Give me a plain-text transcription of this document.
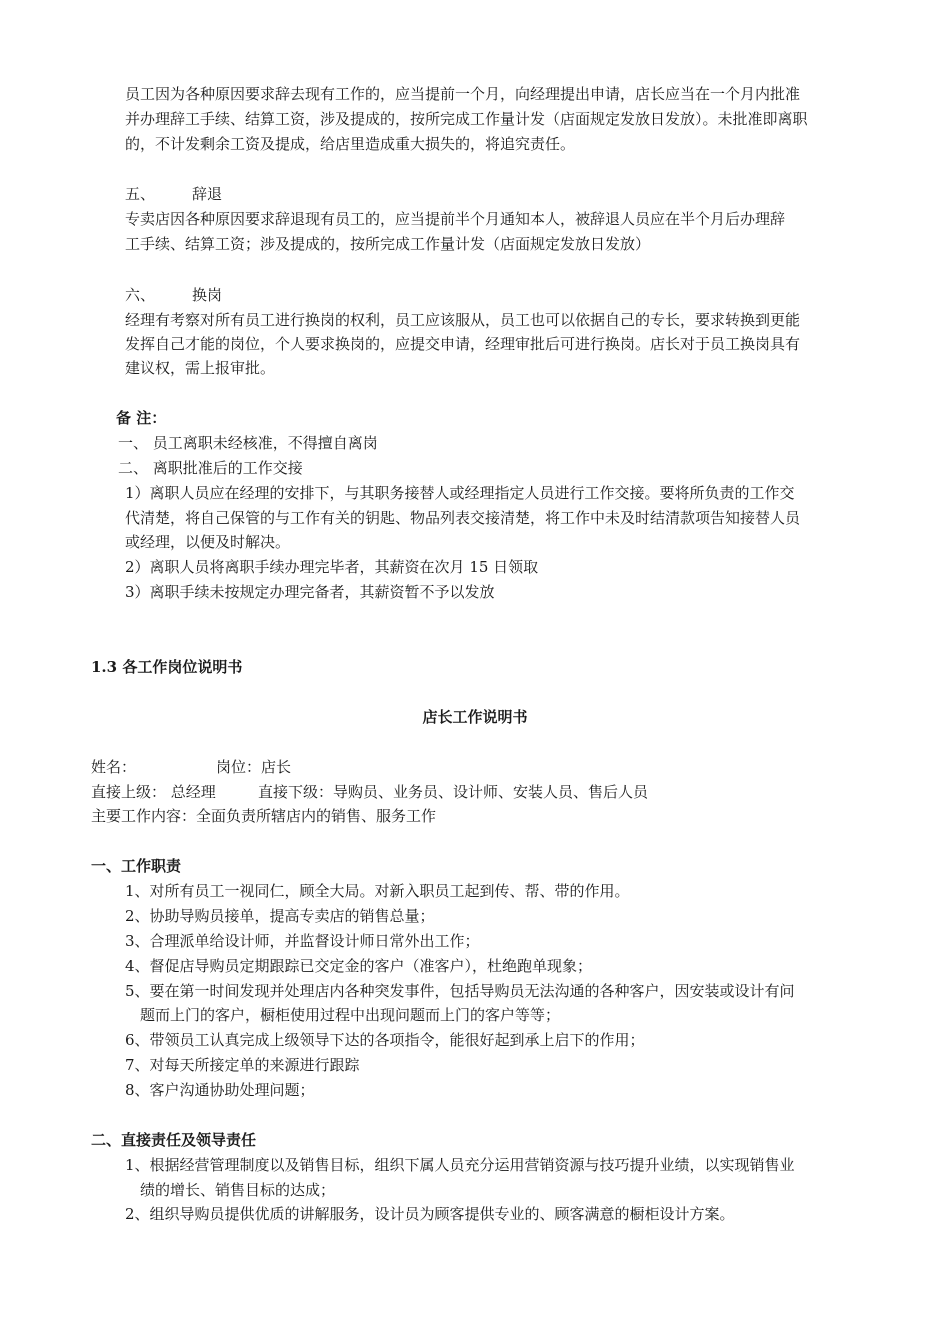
员工因为各种原因要求辞去现有工作的，应当提前一个月，向经理提出申请，店长应当在一个月内批准
并办理辞工手续、结算工资，涉及提成的，按所完成工作量计发（店面规定发放日发放）。未批准即离职
的，不计发剩余工资及提成，给店里造成重大损失的，将追究责任。
五、 辞退
专卖店因各种原因要求辞退现有员工的，应当提前半个月通知本人，被辞退人员应在半个月后办理辞
工手续、结算工资；涉及提成的，按所完成工作量计发（店面规定发放日发放）
六、 换岗
经理有考察对所有员工进行换岗的权利，员工应该服从，员工也可以依据自己的专长，要求转换到更能
发挥自己才能的岗位，个人要求换岗的，应提交申请，经理审批后可进行换岗。店长对于员工换岗具有
建议权，需上报审批。
备 注：
一、 员工离职未经核准，不得擅自离岗
二、 离职批准后的工作交接
1）离职人员应在经理的安排下，与其职务接替人或经理指定人员进行工作交接。要将所负责的工作交
代清楚，将自己保管的与工作有关的钥匙、物品列表交接清楚，将工作中未及时结清款项告知接替人员
或经理，以便及时解决。
2）离职人员将离职手续办理完毕者，其薪资在次月 15 日领取
3）离职手续未按规定办理完备者，其薪资暂不予以发放
1.3 各工作岗位说明书
店长工作说明书
姓名：	岗位：店长
直接上级： 总经理	直接下级：导购员、业务员、设计师、安装人员、售后人员
主要工作内容：全面负责所辖店内的销售、服务工作
一、工作职责
1、对所有员工一视同仁，顾全大局。对新入职员工起到传、帮、带的作用。
2、协助导购员接单，提高专卖店的销售总量；
3、合理派单给设计师，并监督设计师日常外出工作；
4、督促店导购员定期跟踪已交定金的客户（准客户），杜绝跑单现象；
5、要在第一时间发现并处理店内各种突发事件，包括导购员无法沟通的各种客户，因安装或设计有问
题而上门的客户，橱柜使用过程中出现问题而上门的客户等等；
6、带领员工认真完成上级领导下达的各项指令，能很好起到承上启下的作用；
7、对每天所接定单的来源进行跟踪
8、客户沟通协助处理问题；
二、直接责任及领导责任
1、根据经营管理制度以及销售目标，组织下属人员充分运用营销资源与技巧提升业绩，以实现销售业
绩的增长、销售目标的达成；
2、组织导购员提供优质的讲解服务，设计员为顾客提供专业的、顾客满意的橱柜设计方案。
